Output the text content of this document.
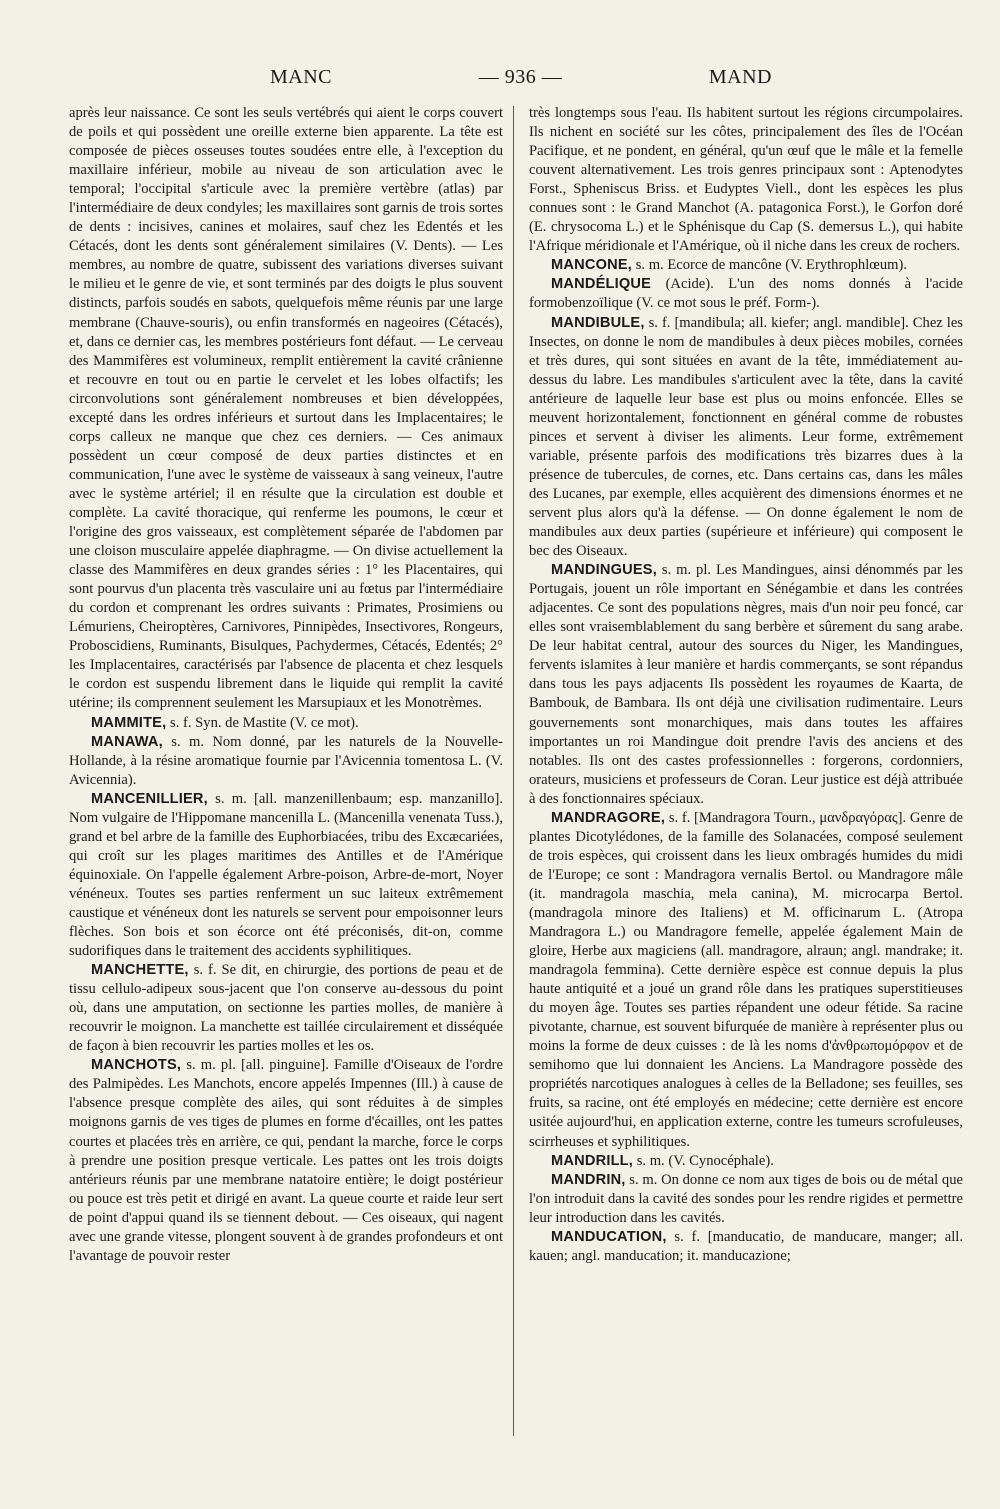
MANC	— 936 —	MAND

après leur naissance. Ce sont les seuls vertébrés qui aient le corps couvert de poils et qui possèdent une oreille externe bien apparente. La tête est composée de pièces osseuses toutes soudées entre elle, à l'exception du maxillaire inférieur, mobile au niveau de son articulation avec le temporal; l'occipital s'articule avec la première vertèbre (atlas) par l'intermédiaire de deux condyles; les maxillaires sont garnis de trois sortes de dents : incisives, canines et molaires, sauf chez les Edentés et les Cétacés, dont les dents sont généralement similaires (V. Dents). — Les membres, au nombre de quatre, subissent des variations diverses suivant le milieu et le genre de vie, et sont terminés par des doigts le plus souvent distincts, parfois soudés en sabots, quelquefois même réunis par une large membrane (Chauve-souris), ou enfin transformés en nageoires (Cétacés), et, dans ce dernier cas, les membres postérieurs font défaut. — Le cerveau des Mammifères est volumineux, remplit entièrement la cavité crânienne et recouvre en tout ou en partie le cervelet et les lobes olfactifs; les circonvolutions sont généralement nombreuses et bien développées, excepté dans les ordres inférieurs et surtout dans les Implacentaires; le corps calleux ne manque que chez ces derniers. — Ces animaux possèdent un cœur composé de deux parties distinctes et en communication, l'une avec le système de vaisseaux à sang veineux, l'autre avec le système artériel; il en résulte que la circulation est double et complète. La cavité thoracique, qui renferme les poumons, le cœur et l'origine des gros vaisseaux, est complètement séparée de l'abdomen par une cloison musculaire appelée diaphragme. — On divise actuellement la classe des Mammifères en deux grandes séries : 1° les Placentaires, qui sont pourvus d'un placenta très vasculaire uni au fœtus par l'intermédiaire du cordon et comprenant les ordres suivants : Primates, Prosimiens ou Lémuriens, Cheiroptères, Carnivores, Pinnipèdes, Insectivores, Rongeurs, Proboscidiens, Ruminants, Bisulques, Pachydermes, Cétacés, Edentés; 2° les Implacentaires, caractérisés par l'absence de placenta et chez lesquels le cordon est suspendu librement dans le liquide qui remplit la cavité utérine; ils comprennent seulement les Marsupiaux et les Monotrèmes.

MAMMITE, s. f. Syn. de Mastite (V. ce mot).

MANAWA, s. m. Nom donné, par les naturels de la Nouvelle-Hollande, à la résine aromatique fournie par l'Avicennia tomentosa L. (V. Avicennia).

MANCENILLIER, s. m. [all. manzenillenbaum; esp. manzanillo]. Nom vulgaire de l'Hippomane mancenilla L. (Mancenilla venenata Tuss.), grand et bel arbre de la famille des Euphorbiacées, tribu des Excæcariées, qui croît sur les plages maritimes des Antilles et de l'Amérique équinoxiale. On l'appelle également Arbre-poison, Arbre-de-mort, Noyer vénéneux. Toutes ses parties renferment un suc laiteux extrêmement caustique et vénéneux dont les naturels se servent pour empoisonner leurs flèches. Son bois et son écorce ont été préconisés, dit-on, comme sudorifiques dans le traitement des accidents syphilitiques.

MANCHETTE, s. f. Se dit, en chirurgie, des portions de peau et de tissu cellulo-adipeux sous-jacent que l'on conserve au-dessous du point où, dans une amputation, on sectionne les parties molles, de manière à recouvrir le moignon. La manchette est taillée circulairement et disséquée de façon à bien recouvrir les parties molles et les os.

MANCHOTS, s. m. pl. [all. pinguine]. Famille d'Oiseaux de l'ordre des Palmipèdes. Les Manchots, encore appelés Impennes (Ill.) à cause de l'absence presque complète des ailes, qui sont réduites à de simples moignons garnis de ves tiges de plumes en forme d'écailles, ont les pattes courtes et placées très en arrière, ce qui, pendant la marche, force le corps à prendre une position presque verticale. Les pattes ont les trois doigts antérieurs réunis par une membrane natatoire entière; le doigt postérieur ou pouce est très petit et dirigé en avant. La queue courte et raide leur sert de point d'appui quand ils se tiennent debout. — Ces oiseaux, qui nagent avec une grande vitesse, plongent souvent à de grandes profondeurs et ont l'avantage de pouvoir rester

très longtemps sous l'eau. Ils habitent surtout les régions circumpolaires. Ils nichent en société sur les côtes, principalement des îles de l'Océan Pacifique, et ne pondent, en général, qu'un œuf que le mâle et la femelle couvent alternativement. Les trois genres principaux sont : Aptenodytes Forst., Spheniscus Briss. et Eudyptes Viell., dont les espèces les plus connues sont : le Grand Manchot (A. patagonica Forst.), le Gorfon doré (E. chrysocoma L.) et le Sphénisque du Cap (S. demersus L.), qui habite l'Afrique méridionale et l'Amérique, où il niche dans les creux de rochers.

MANCONE, s. m. Ecorce de mancône (V. Erythrophlœum).

MANDÉLIQUE (Acide). L'un des noms donnés à l'acide formobenzoïlique (V. ce mot sous le préf. Form-).

MANDIBULE, s. f. [mandibula; all. kiefer; angl. mandible]. Chez les Insectes, on donne le nom de mandibules à deux pièces mobiles, cornées et très dures, qui sont situées en avant de la tête, immédiatement au-dessus du labre. Les mandibules s'articulent avec la tête, dans la cavité antérieure de laquelle leur base est plus ou moins enfoncée. Elles se meuvent horizontalement, fonctionnent en général comme de robustes pinces et servent à diviser les aliments. Leur forme, extrêmement variable, présente parfois des modifications très bizarres dues à la présence de tubercules, de cornes, etc. Dans certains cas, dans les mâles des Lucanes, par exemple, elles acquièrent des dimensions énormes et ne servent plus alors qu'à la défense. — On donne également le nom de mandibules aux deux parties (supérieure et inférieure) qui composent le bec des Oiseaux.

MANDINGUES, s. m. pl. Les Mandingues, ainsi dénommés par les Portugais, jouent un rôle important en Sénégambie et dans les contrées adjacentes. Ce sont des populations nègres, mais d'un noir peu foncé, car elles sont vraisemblablement du sang berbère et sûrement du sang arabe. De leur habitat central, autour des sources du Niger, les Mandingues, fervents islamites à leur manière et hardis commerçants, se sont répandus dans tous les pays adjacents Ils possèdent les royaumes de Kaarta, de Bambouk, de Bambara. Ils ont déjà une civilisation rudimentaire. Leurs gouvernements sont monarchiques, mais dans toutes les affaires importantes un roi Mandingue doit prendre l'avis des anciens et des notables. Ils ont des castes professionnelles : forgerons, cordonniers, orateurs, musiciens et professeurs de Coran. Leur justice est déjà attribuée à des fonctionnaires spéciaux.

MANDRAGORE, s. f. [Mandragora Tourn., μανδραγόρας]. Genre de plantes Dicotylédones, de la famille des Solanacées, composé seulement de trois espèces, qui croissent dans les lieux ombragés humides du midi de l'Europe; ce sont : Mandragora vernalis Bertol. ou Mandragore mâle (it. mandragola maschia, mela canina), M. microcarpa Bertol. (mandragola minore des Italiens) et M. officinarum L. (Atropa Mandragora L.) ou Mandragore femelle, appelée également Main de gloire, Herbe aux magiciens (all. mandragore, alraun; angl. mandrake; it. mandragola femmina). Cette dernière espèce est connue depuis la plus haute antiquité et a joué un grand rôle dans les pratiques superstitieuses du moyen âge. Toutes ses parties répandent une odeur fétide. Sa racine pivotante, charnue, est souvent bifurquée de manière à représenter plus ou moins la forme de deux cuisses : de là les noms d'ἀνθρωπομόρφον et de semihomo que lui donnaient les Anciens. La Mandragore possède des propriétés narcotiques analogues à celles de la Belladone; ses feuilles, ses fruits, sa racine, ont été employés en médecine; cette dernière est encore usitée aujourd'hui, en application externe, contre les tumeurs scrofuleuses, scirrheuses et syphilitiques.

MANDRILL, s. m. (V. Cynocéphale).

MANDRIN, s. m. On donne ce nom aux tiges de bois ou de métal que l'on introduit dans la cavité des sondes pour les rendre rigides et permettre leur introduction dans les cavités.

MANDUCATION, s. f. [manducatio, de manducare, manger; all. kauen; angl. manducation; it. manducazione;
